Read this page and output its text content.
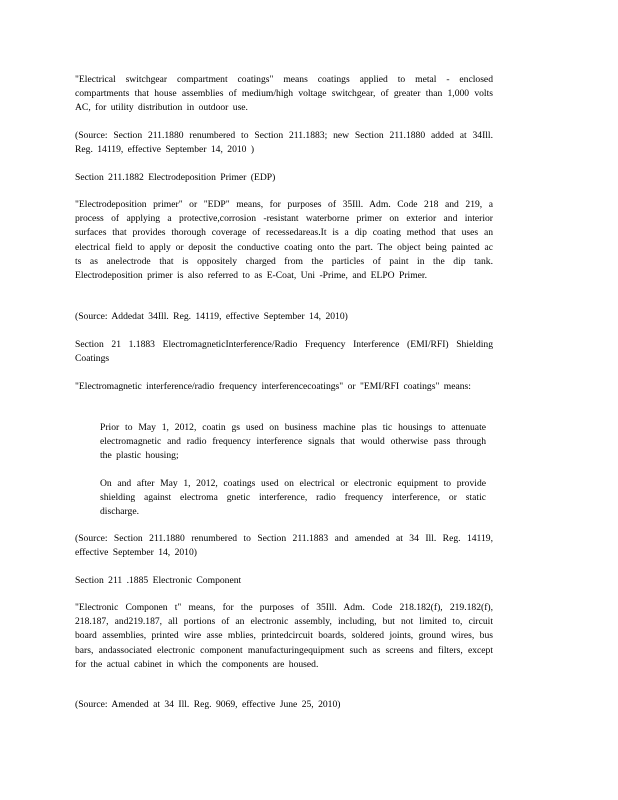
"Electrical switchgear compartment coatings" means coatings applied to metal - enclosed compartments that house assemblies of medium/high voltage switchgear, of greater than 1,000 volts AC, for utility distribution in outdoor use.

(Source: Section 211.1880 renumbered to Section 211.1883; new Section 211.1880 added at 34Ill. Reg. 14119, effective September 14, 2010 )

Section 211.1882 Electrodeposition Primer (EDP)

"Electrodeposition primer" or "EDP" means, for purposes of 35Ill. Adm. Code 218 and 219, a process of applying a protective,corrosion -resistant waterborne primer on exterior and interior surfaces that provides thorough coverage of recessedareas.It is a dip coating method that uses an electrical field to apply or deposit the conductive coating onto the part. The object being painted ac ts as anelectrode that is oppositely charged from the particles of paint in the dip tank. Electrodeposition primer is also referred to as E-Coat, Uni -Prime, and ELPO Primer.

(Source: Addedat 34Ill. Reg. 14119, effective September 14, 2010)

Section 21 1.1883 ElectromagneticInterference/Radio Frequency Interference (EMI/RFI) Shielding Coatings

"Electromagnetic interference/radio frequency interferencecoatings" or "EMI/RFI coatings" means:

Prior to May 1, 2012, coatin gs used on business machine plas tic housings to attenuate electromagnetic and radio frequency interference signals that would otherwise pass through the plastic housing;

On and after May 1, 2012, coatings used on electrical or electronic equipment to provide shielding against electroma gnetic interference, radio frequency interference, or static discharge.

(Source: Section 211.1880 renumbered to Section 211.1883 and amended at 34 Ill. Reg. 14119, effective September 14, 2010)

Section 211 .1885 Electronic Component

"Electronic Componen t" means, for the purposes of 35Ill. Adm. Code 218.182(f), 219.182(f), 218.187, and219.187, all portions of an electronic assembly, including, but not limited to, circuit board assemblies, printed wire asse mblies, printedcircuit boards, soldered joints, ground wires, bus bars, andassociated electronic component manufacturingequipment such as screens and filters, except for the actual cabinet in which the components are housed.

(Source: Amended at 34 Ill. Reg. 9069, effective June 25, 2010)
